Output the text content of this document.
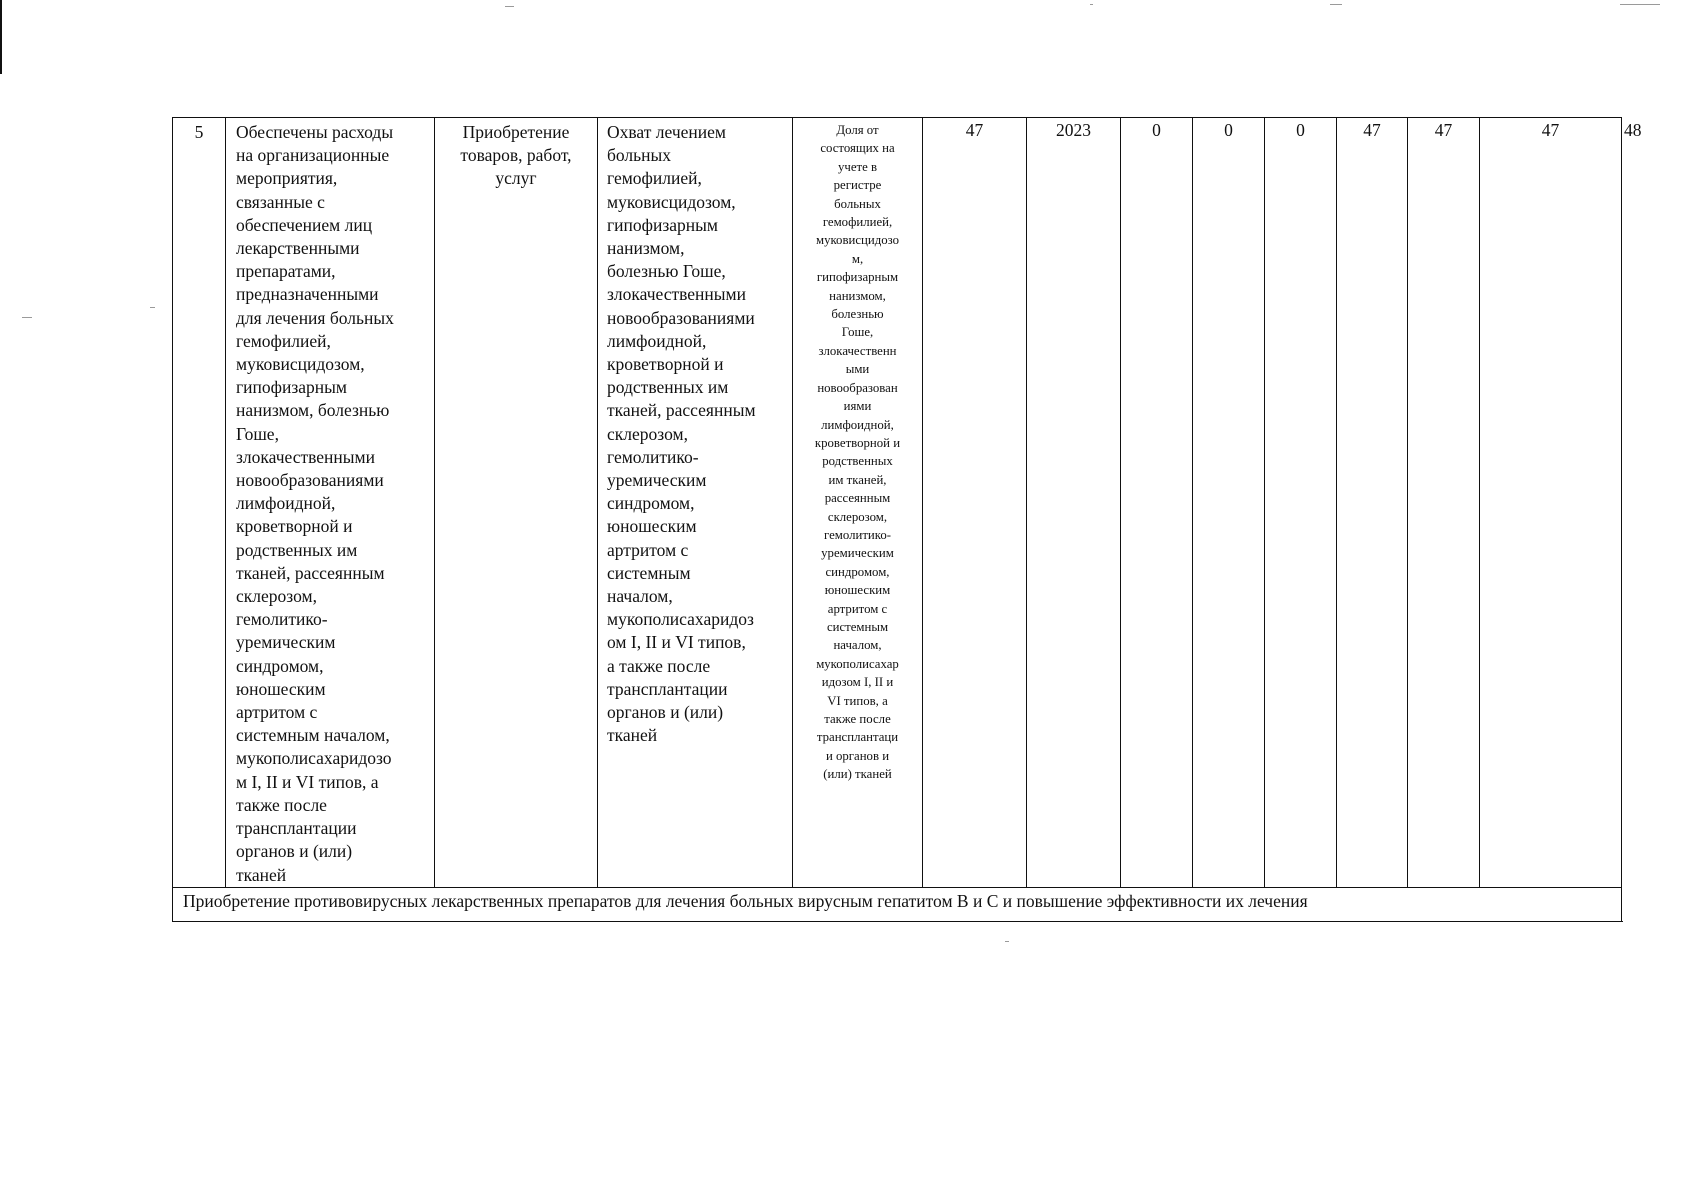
5	Обеспечены расходы
на организационные
мероприятия,
связанные с
обеспечением лиц
лекарственными
препаратами,
предназначенными
для лечения больных
гемофилией,
муковисцидозом,
гипофизарным
нанизмом, болезнью
Гоше,
злокачественными
новообразованиями
лимфоидной,
кроветворной и
родственных им
тканей, рассеянным
склерозом,
гемолитико-
уремическим
синдромом,
юношеским
артритом с
системным началом,
мукополисахаридозо
м I, II и VI типов, а
также после
трансплантации
органов и (или)
тканей	Приобретение товаров, работ, услуг	Охват лечением
больных
гемофилией,
муковисцидозом,
гипофизарным
нанизмом,
болезнью Гоше,
злокачественными
новообразованиями
лимфоидной,
кроветворной и
родственных им
тканей, рассеянным
склерозом,
гемолитико-
уремическим
синдромом,
юношеским
артритом с
системным
началом,
мукополисахаридоз
ом I, II и VI типов,
а также после
трансплантации
органов и (или)
тканей	Доля от
состоящих на
учете в
регистре
больных
гемофилией,
муковисцидозо
м,
гипофизарным
нанизмом,
болезнью
Гоше,
злокачественн
ыми
новообразован
иями
лимфоидной,
кроветворной и
родственных
им тканей,
рассеянным
склерозом,
гемолитико-
уремическим
синдромом,
юношеским
артритом с
системным
началом,
мукополисахар
идозом I, II и
VI типов, а
также после
трансплантаци
и органов и
(или) тканей	47	2023	0	0	0	47	47	47	48
Приобретение противовирусных лекарственных препаратов для лечения больных вирусным гепатитом B и C и повышение эффективности их лечения
